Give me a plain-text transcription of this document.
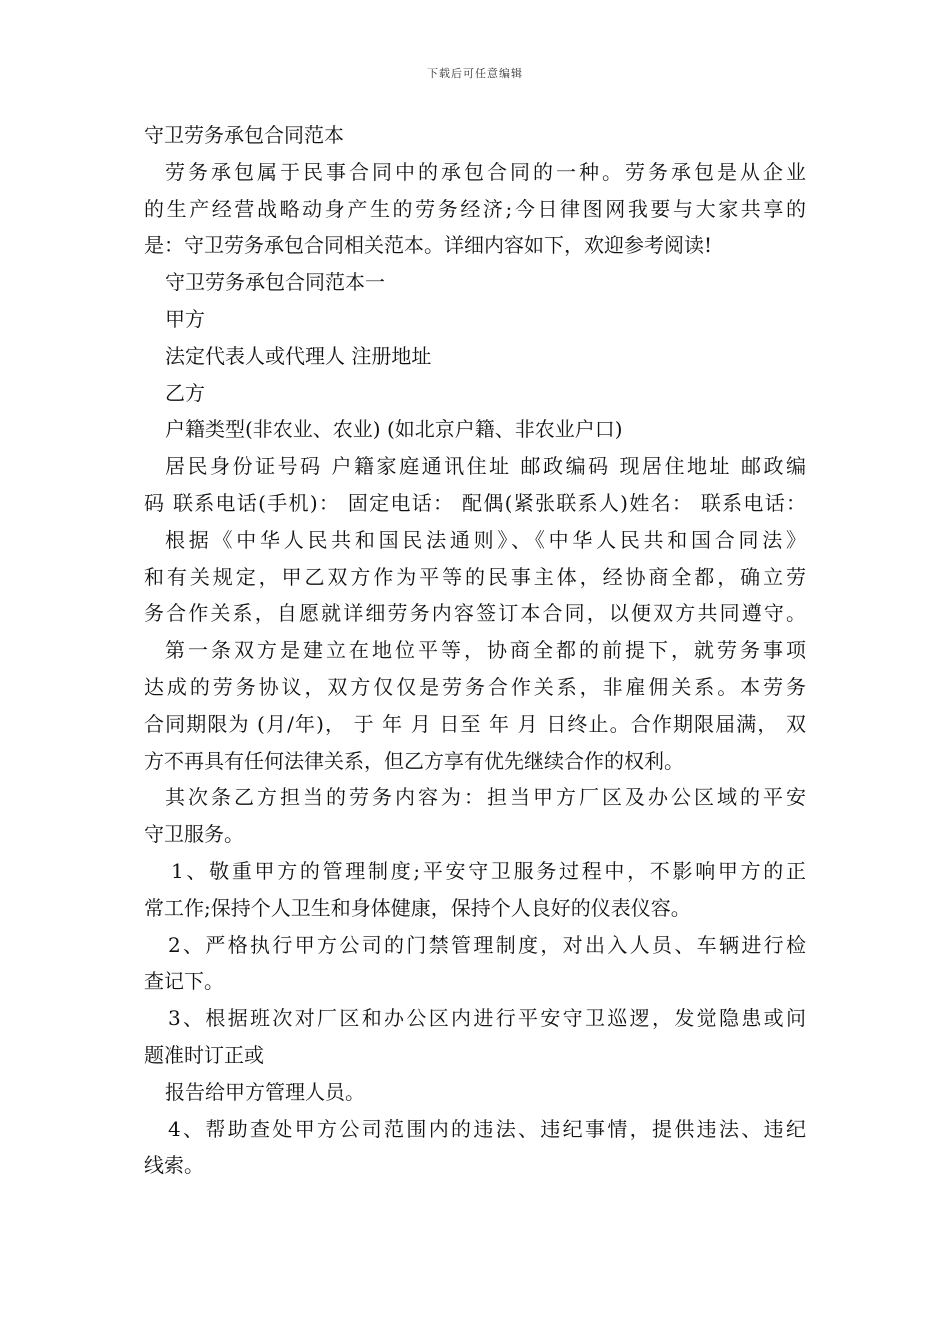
下载后可任意编辑
守卫劳务承包合同范本
劳务承包属于民事合同中的承包合同的一种。劳务承包是从企业
的生产经营战略动身产生的劳务经济;今日律图网我要与大家共享的
是：守卫劳务承包合同相关范本。详细内容如下，欢迎参考阅读!
守卫劳务承包合同范本一
甲方
法定代表人或代理人 注册地址
乙方
户籍类型(非农业、农业) (如北京户籍、非农业户口)
居民身份证号码 户籍家庭通讯住址 邮政编码 现居住地址 邮政编
码 联系电话(手机)： 固定电话： 配偶(紧张联系人)姓名： 联系电话：
根据《中华人民共和国民法通则》、《中华人民共和国合同法》
和有关规定，甲乙双方作为平等的民事主体，经协商全都，确立劳
务合作关系，自愿就详细劳务内容签订本合同，以便双方共同遵守。
第一条双方是建立在地位平等，协商全都的前提下，就劳务事项
达成的劳务协议，双方仅仅是劳务合作关系，非雇佣关系。本劳务
合同期限为 (月/年)， 于 年 月 日至 年 月 日终止。合作期限届满， 双
方不再具有任何法律关系，但乙方享有优先继续合作的权利。
其次条乙方担当的劳务内容为：担当甲方厂区及办公区域的平安
守卫服务。
1、敬重甲方的管理制度;平安守卫服务过程中，不影响甲方的正
常工作;保持个人卫生和身体健康，保持个人良好的仪表仪容。
2、严格执行甲方公司的门禁管理制度，对出入人员、车辆进行检
查记下。
3、根据班次对厂区和办公区内进行平安守卫巡逻，发觉隐患或问
题准时订正或
报告给甲方管理人员。
4、帮助查处甲方公司范围内的违法、违纪事情，提供违法、违纪
线索。
